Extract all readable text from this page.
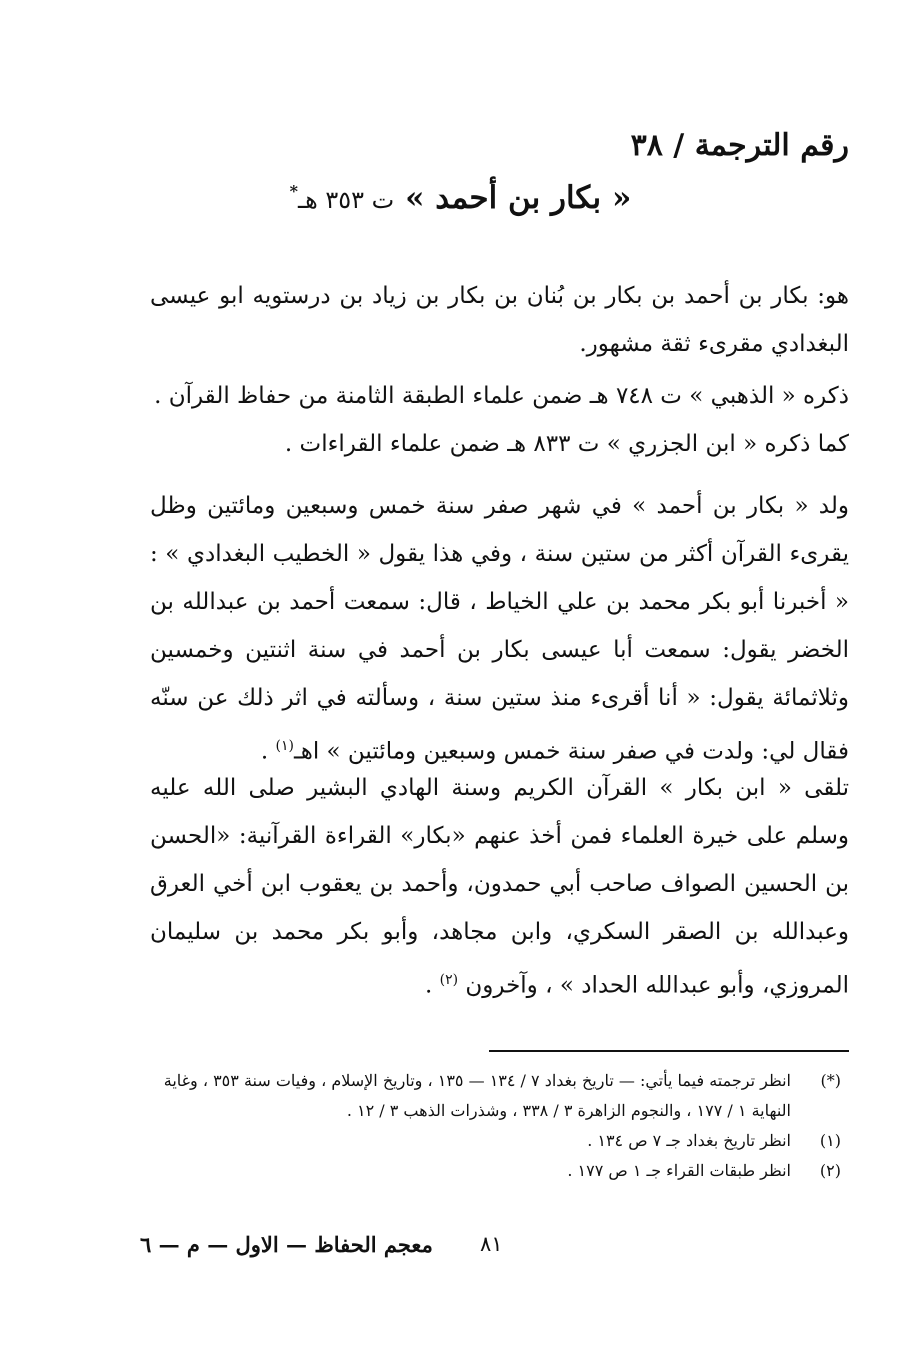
رقم الترجمة / ٣٨
« بكار بن أحمد » ت ٣٥٣ هـ*

هو: بكار بن أحمد بن بكار بن بُنان بن بكار بن زياد بن درستويه ابو عيسى البغدادي مقرىء ثقة مشهور.

ذكره « الذهبي » ت ٧٤٨ هـ ضمن علماء الطبقة الثامنة من حفاظ القرآن .

كما ذكره « ابن الجزري » ت ٨٣٣ هـ ضمن علماء القراءات .

ولد « بكار بن أحمد » في شهر صفر سنة خمس وسبعين ومائتين وظل يقرىء القرآن أكثر من ستين سنة ، وفي هذا يقول « الخطيب البغدادي » : « أخبرنا أبو بكر محمد بن علي الخياط ، قال: سمعت أحمد بن عبدالله بن الخضر يقول: سمعت أبا عيسى بكار بن أحمد في سنة اثنتين وخمسين وثلاثمائة يقول: « أنا أقرىء منذ ستين سنة ، وسألته في اثر ذلك عن سنّه فقال لي: ولدت في صفر سنة خمس وسبعين ومائتين » اهـ$^{(١)}$ .

تلقى « ابن بكار » القرآن الكريم وسنة الهادي البشير صلى الله عليه وسلم على خيرة العلماء فمن أخذ عنهم «بكار» القراءة القرآنية: «الحسن بن الحسين الصواف صاحب أبي حمدون، وأحمد بن يعقوب ابن أخي العرق وعبدالله بن الصقر السكري، وابن مجاهد، وأبو بكر محمد بن سليمان المروزي، وأبو عبدالله الحداد » ، وآخرون $^{(٢)}$ .

(*)
انظر ترجمته فيما يأتي: — تاريخ بغداد ٧ / ١٣٤ — ١٣٥ ، وتاريخ الإسلام ، وفيات سنة ٣٥٣ ، وغاية النهاية ١ / ١٧٧ ، والنجوم الزاهرة ٣ / ٣٣٨ ، وشذرات الذهب ٣ / ١٢ .
(١)
انظر تاريخ بغداد جـ ٧ ص ١٣٤ .
(٢)
انظر طبقات القراء جـ ١ ص ١٧٧ .
معجم الحفاظ — الاول — م — ٦ ٨١
